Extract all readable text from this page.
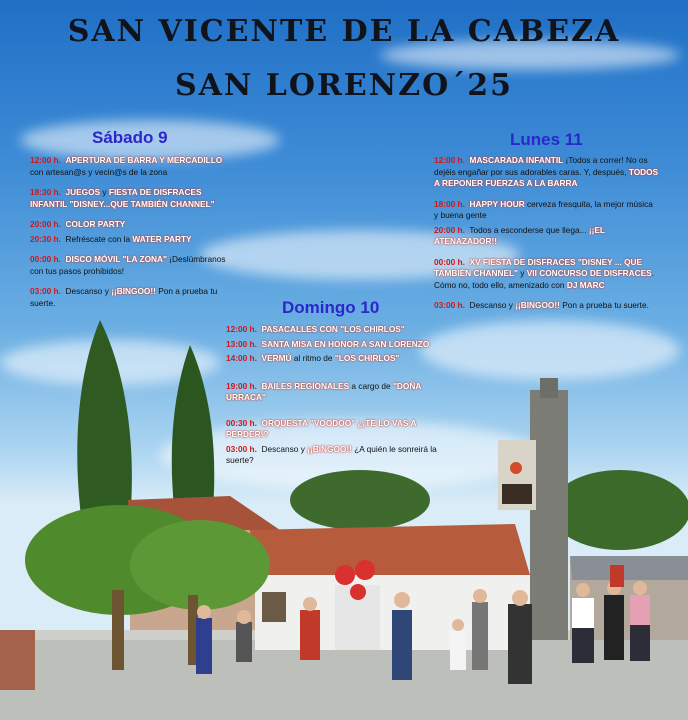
SAN VICENTE DE LA CABEZA
SAN LORENZO´25
Sábado 9
12:00 h. APERTURA DE BARRA Y MERCADILLO con artesan@s y vecin@s de la zona
18:30 h. JUEGOS y FIESTA DE DISFRACES INFANTIL "DISNEY...QUE TAMBIÉN CHANNEL"
20:00 h. COLOR PARTY
20:30 h. Refréscate con la WATER PARTY
00:00 h. DISCO MÓVIL "LA ZONA" ¡Deslúmbranos con tus pasos prohibidos!
03:00 h. Descanso y ¡¡BINGOO!! Pon a prueba tu suerte.
Lunes 11
12:00 h. MASCARADA INFANTIL ¡Todos a correr! No os dejéis engañar por sus adorables caras. Y, después, TODOS A REPONER FUERZAS A LA BARRA
18:00 h. HAPPY HOUR cerveza fresquita, la mejor música y buena gente
20:00 h. Todos a esconderse que llega... ¡¡EL ATENAZADOR!!
00:00 h. XV FIESTA DE DISFRACES "DISNEY ... QUE TAMBIÉN CHANNEL" y VII CONCURSO DE DISFRACES. Cómo no, todo ello, amenizado con DJ MARC
03:00 h. Descanso y ¡¡BINGOO!! Pon a prueba tu suerte.
Domingo 10
12:00 h. PASACALLES CON "LOS CHIRLOS"
13:00 h. SANTA MISA EN HONOR A SAN LORENZO
14:00 h. VERMÚ al ritmo de "LOS CHIRLOS"
19:00 h. BAILES REGIONALES a cargo de "DOÑA URRACA"
00:30 h. ORQUESTA "VOODOO" ¿¡TE LO VAS A PERDER!?
03:00 h. Descanso y ¡¡BINGOO!! ¿A quién le sonreirá la suerte?
